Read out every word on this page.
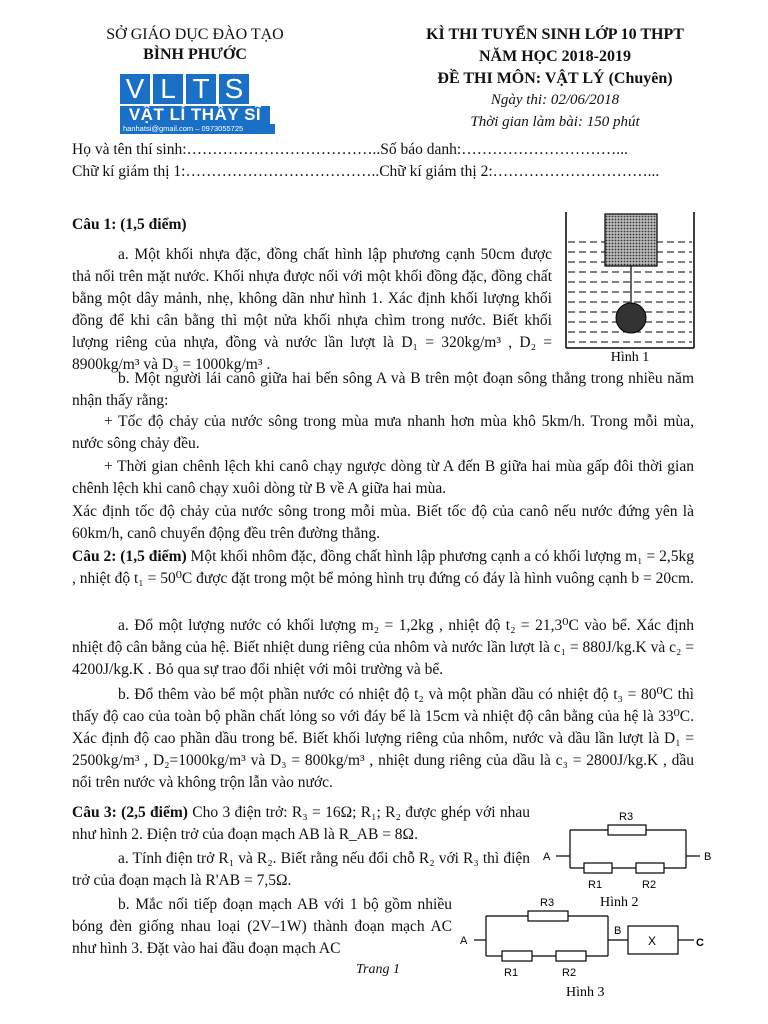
SỞ GIÁO DỤC ĐÀO TẠO
BÌNH PHƯỚC
V L T S
VẬT LÍ THẦY SĨ
hanhatsi@gmail.com – 0973055725
KÌ THI TUYỂN SINH LỚP 10 THPT
NĂM HỌC 2018-2019
ĐỀ THI MÔN: VẬT LÝ (Chuyên)
Ngày thi: 02/06/2018
Thời gian làm bài: 150 phút
Họ và tên thí sinh:………………………………..Số báo danh:…………………………...
Chữ kí giám thị 1:………………………………..Chữ kí giám thị 2:…………………………...
Câu 1: (1,5 điểm)
a. Một khối nhựa đặc, đồng chất hình lập phương cạnh 50cm được thả nổi trên mặt nước. Khối nhựa được nối với một khối đồng đặc, đồng chất bằng một dây mảnh, nhẹ, không dãn như hình 1. Xác định khối lượng khối đồng để khi cân bằng thì một nửa khối nhựa chìm trong nước. Biết khối lượng riêng của nhựa, đồng và nước lần lượt là D₁ = 320kg/m³ , D₂ = 8900kg/m³ và D₃ = 1000kg/m³ .	Hình 1
b. Một người lái canô giữa hai bến sông A và B trên một đoạn sông thẳng trong nhiều năm nhận thấy rằng:
+ Tốc độ chảy của nước sông trong mùa mưa nhanh hơn mùa khô 5km/h. Trong mỗi mùa, nước sông chảy đều.
+ Thời gian chênh lệch khi canô chạy ngược dòng từ A đến B giữa hai mùa gấp đôi thời gian chênh lệch khi canô chạy xuôi dòng từ B về A giữa hai mùa.
Xác định tốc độ chảy của nước sông trong mỗi mùa. Biết tốc độ của canô nếu nước đứng yên là 60km/h, canô chuyển động đều trên đường thẳng.
Câu 2: (1,5 điểm) Một khối nhôm đặc, đồng chất hình lập phương cạnh a có khối lượng m₁ = 2,5kg , nhiệt độ t₁ = 50⁰C được đặt trong một bể mỏng hình trụ đứng có đáy là hình vuông cạnh b = 20cm.
a. Đổ một lượng nước có khối lượng m₂ = 1,2kg , nhiệt độ t₂ = 21,3⁰C vào bể. Xác định nhiệt độ cân bằng của hệ. Biết nhiệt dung riêng của nhôm và nước lần lượt là c₁ = 880J/kg.K và c₂ = 4200J/kg.K . Bỏ qua sự trao đổi nhiệt với môi trường và bể.
b. Đổ thêm vào bể một phần nước có nhiệt độ t₂ và một phần dầu có nhiệt độ t₃ = 80⁰C thì thấy độ cao của toàn bộ phần chất lỏng so với đáy bể là 15cm và nhiệt độ cân bằng của hệ là 33⁰C. Xác định độ cao phần dầu trong bể. Biết khối lượng riêng của nhôm, nước và dầu lần lượt là D₁ = 2500kg/m³ , D₂=1000kg/m³ và D₃ = 800kg/m³ , nhiệt dung riêng của dầu là c₃ = 2800J/kg.K , dầu nổi trên nước và không trộn lẫn vào nước.
Câu 3: (2,5 điểm) Cho 3 điện trở: R₃ = 16Ω; R₁; R₂ được ghép với nhau như hình 2. Điện trở của đoạn mạch AB là R_AB = 8Ω.
a. Tính điện trở R₁ và R₂. Biết rằng nếu đổi chỗ R₂ với R₃ thì điện trở của đoạn mạch là R'AB = 7,5Ω.
b. Mắc nối tiếp đoạn mạch AB với 1 bộ gồm nhiều bóng đèn giống nhau loại (2V–1W) thành đoạn mạch AC như hình 3. Đặt vào hai đầu đoạn mạch AC
R3
R1	R2
A	B
Hình 2
R3
R1	R2
A
B
X	C
Hình 3
Trang 1
